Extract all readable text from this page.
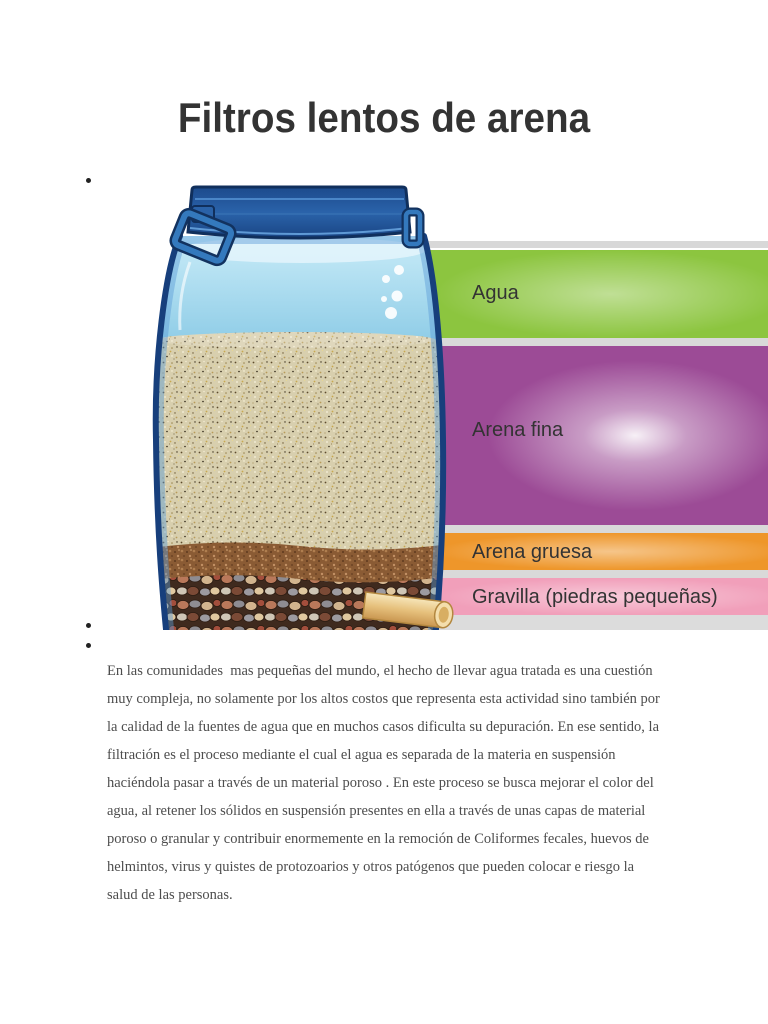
Filtros lentos de arena
Agua
Arena fina
Arena gruesa
Gravilla (piedras pequeñas)
En las comunidades  mas pequeñas del mundo, el hecho de llevar agua tratada es una cuestión
muy compleja, no solamente por los altos costos que representa esta actividad sino también por
la calidad de la fuentes de agua que en muchos casos dificulta su depuración. En ese sentido, la
filtración es el proceso mediante el cual el agua es separada de la materia en suspensión
haciéndola pasar a través de un material poroso . En este proceso se busca mejorar el color del
agua, al retener los sólidos en suspensión presentes en ella a través de unas capas de material
poroso o granular y contribuir enormemente en la remoción de Coliformes fecales, huevos de
helmintos, virus y quistes de protozoarios y otros patógenos que pueden colocar e riesgo la
salud de las personas.
